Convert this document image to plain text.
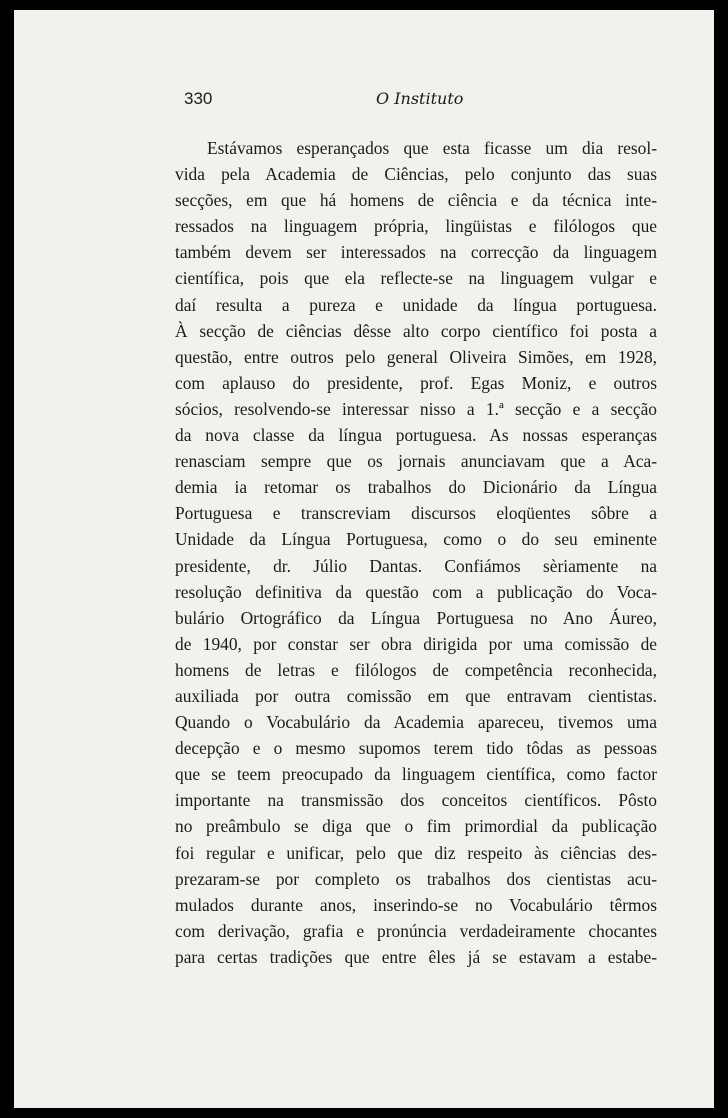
330	O Instituto
Estávamos esperançados que esta ficasse um dia resol-
vida pela Academia de Ciências, pelo conjunto das suas
secções, em que há homens de ciência e da técnica inte-
ressados na linguagem própria, lingüistas e filólogos que
também devem ser interessados na correcção da linguagem
científica, pois que ela reflecte-se na linguagem vulgar e
daí resulta a pureza e unidade da língua portuguesa.
À secção de ciências dêsse alto corpo científico foi posta a
questão, entre outros pelo general Oliveira Simões, em 1928,
com aplauso do presidente, prof. Egas Moniz, e outros
sócios, resolvendo-se interessar nisso a 1.ª secção e a secção
da nova classe da língua portuguesa. As nossas esperanças
renasciam sempre que os jornais anunciavam que a Aca-
demia ia retomar os trabalhos do Dicionário da Língua
Portuguesa e transcreviam discursos eloqüentes sôbre a
Unidade da Língua Portuguesa, como o do seu eminente
presidente, dr. Júlio Dantas. Confiámos sèriamente na
resolução definitiva da questão com a publicação do Voca-
bulário Ortográfico da Língua Portuguesa no Ano Áureo,
de 1940, por constar ser obra dirigida por uma comissão de
homens de letras e filólogos de competência reconhecida,
auxiliada por outra comissão em que entravam cientistas.
Quando o Vocabulário da Academia apareceu, tivemos uma
decepção e o mesmo supomos terem tido tôdas as pessoas
que se teem preocupado da linguagem científica, como factor
importante na transmissão dos conceitos científicos. Pôsto
no preâmbulo se diga que o fim primordial da publicação
foi regular e unificar, pelo que diz respeito às ciências des-
prezaram-se por completo os trabalhos dos cientistas acu-
mulados durante anos, inserindo-se no Vocabulário têrmos
com derivação, grafia e pronúncia verdadeiramente chocantes
para certas tradições que entre êles já se estavam a estabe-
